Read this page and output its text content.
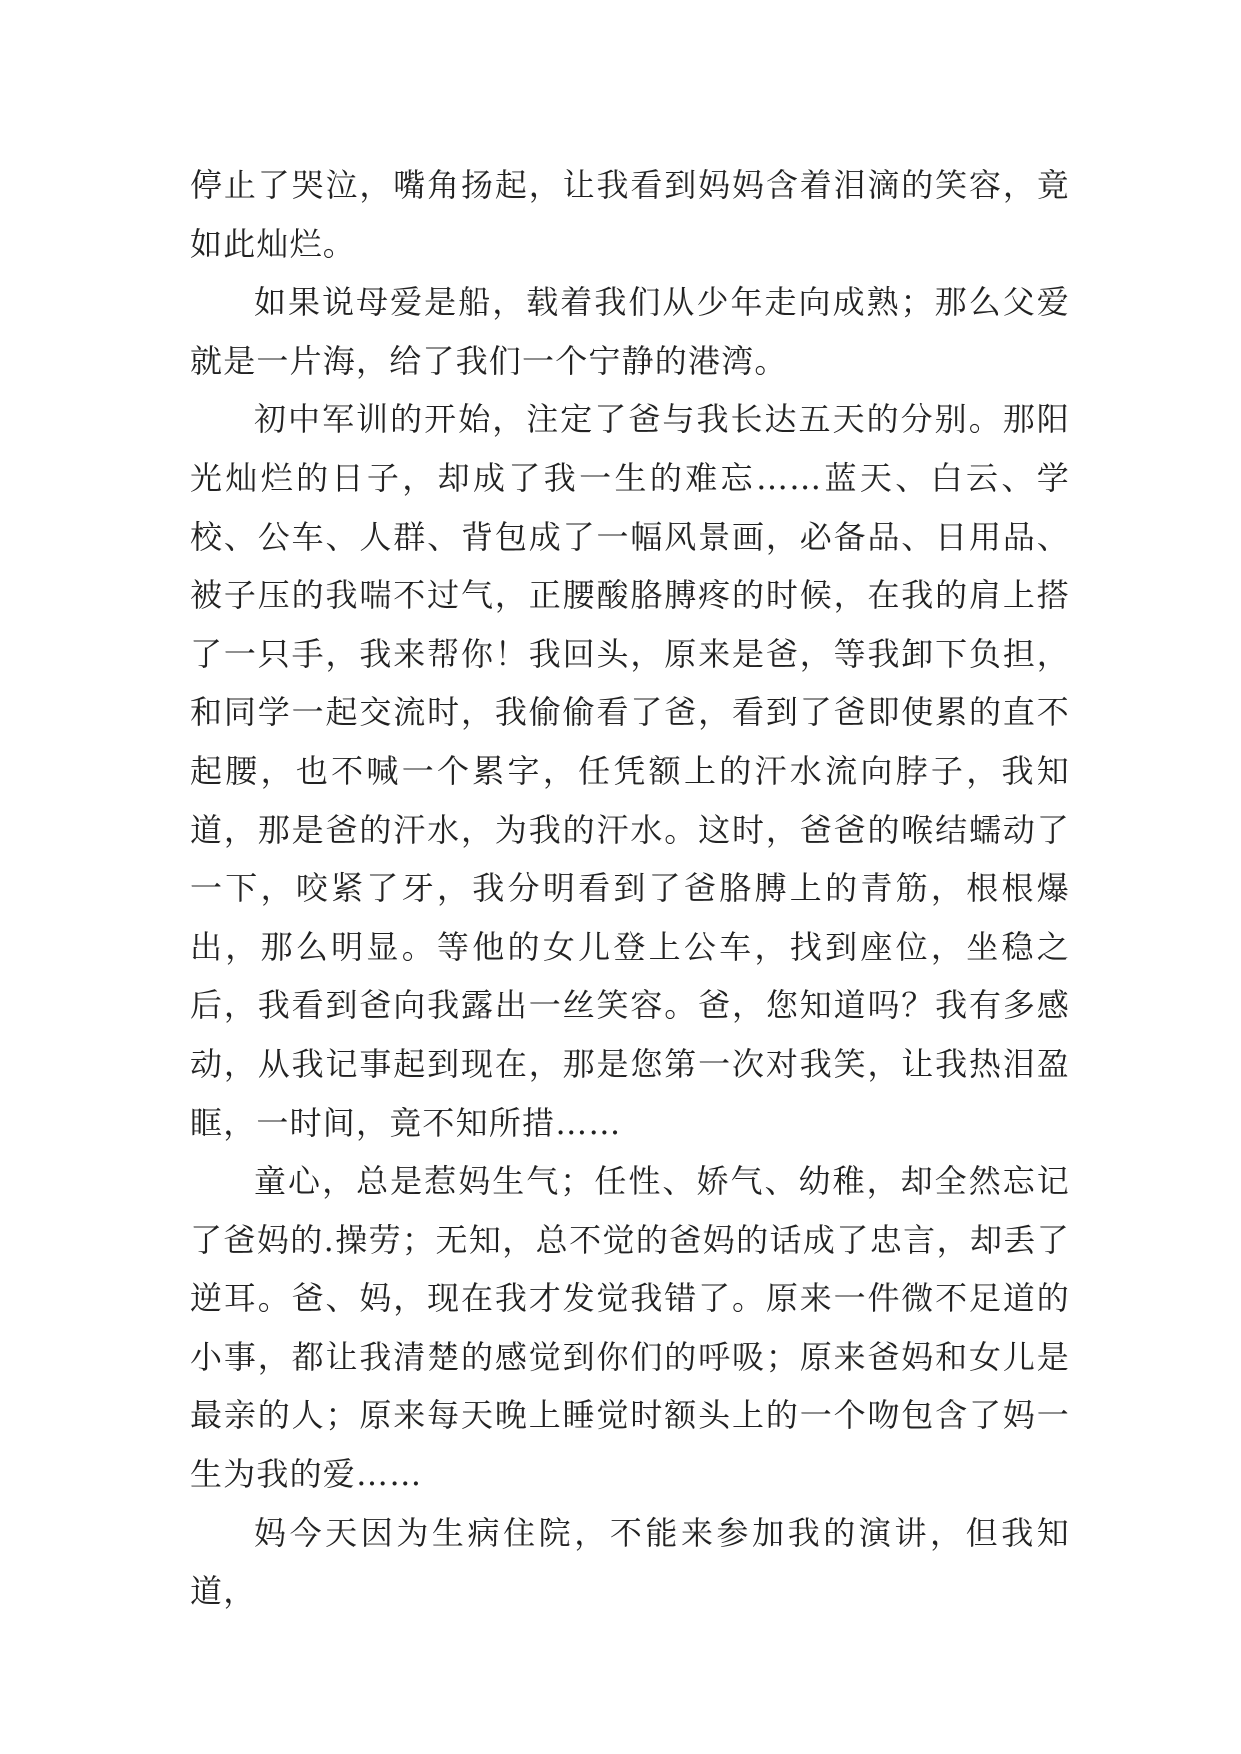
停止了哭泣，嘴角扬起，让我看到妈妈含着泪滴的笑容，竟如此灿烂。

如果说母爱是船，载着我们从少年走向成熟；那么父爱就是一片海，给了我们一个宁静的港湾。

初中军训的开始，注定了爸与我长达五天的分别。那阳光灿烂的日子，却成了我一生的难忘……蓝天、白云、学校、公车、人群、背包成了一幅风景画，必备品、日用品、被子压的我喘不过气，正腰酸胳膊疼的时候，在我的肩上搭了一只手，我来帮你！我回头，原来是爸，等我卸下负担，和同学一起交流时，我偷偷看了爸，看到了爸即使累的直不起腰，也不喊一个累字，任凭额上的汗水流向脖子，我知道，那是爸的汗水，为我的汗水。这时，爸爸的喉结蠕动了一下，咬紧了牙，我分明看到了爸胳膊上的青筋，根根爆出，那么明显。等他的女儿登上公车，找到座位，坐稳之后，我看到爸向我露出一丝笑容。爸，您知道吗？我有多感动，从我记事起到现在，那是您第一次对我笑，让我热泪盈眶，一时间，竟不知所措……

童心，总是惹妈生气；任性、娇气、幼稚，却全然忘记了爸妈的.操劳；无知，总不觉的爸妈的话成了忠言，却丢了逆耳。爸、妈，现在我才发觉我错了。原来一件微不足道的小事，都让我清楚的感觉到你们的呼吸；原来爸妈和女儿是最亲的人；原来每天晚上睡觉时额头上的一个吻包含了妈一生为我的爱……

妈今天因为生病住院，不能来参加我的演讲，但我知道，
